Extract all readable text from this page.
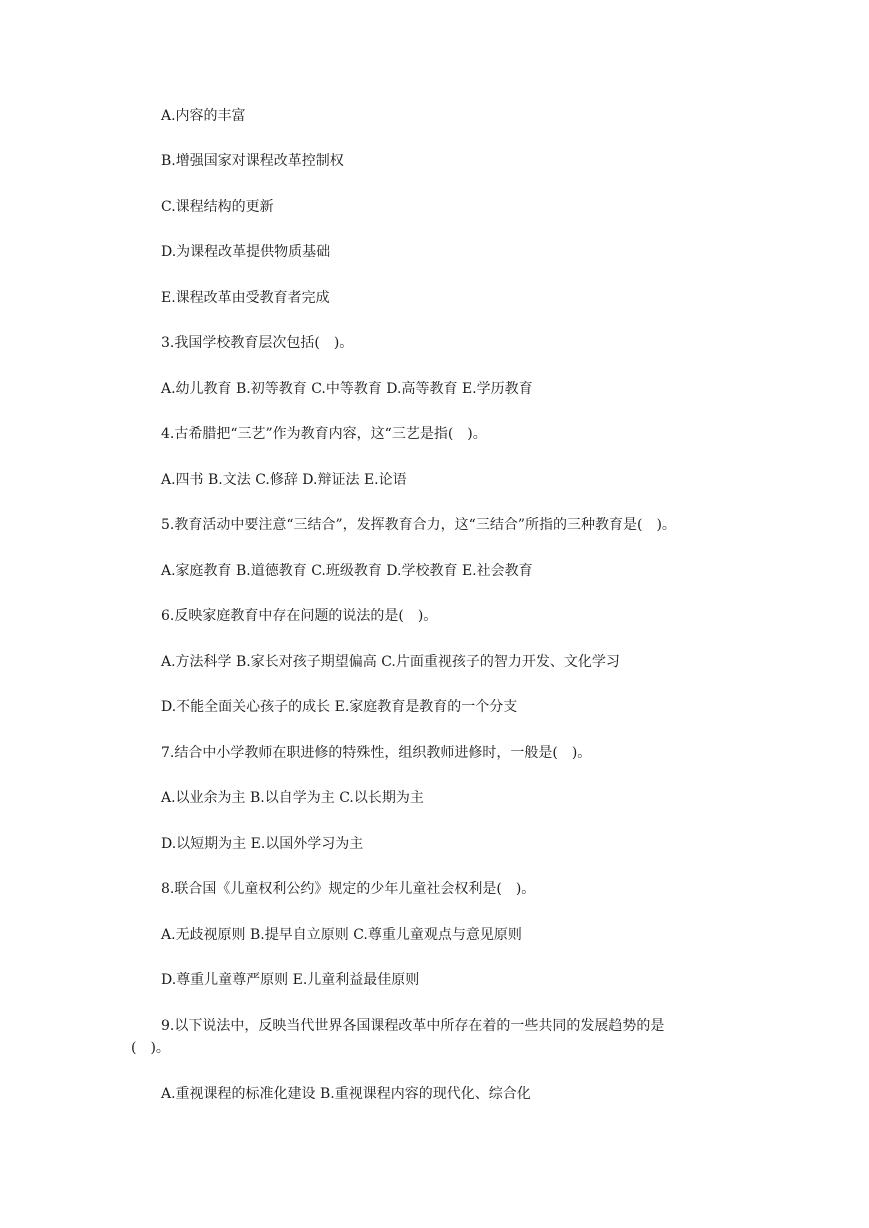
A.内容的丰富
B.增强国家对课程改革控制权
C.课程结构的更新
D.为课程改革提供物质基础
E.课程改革由受教育者完成
3.我国学校教育层次包括(　)。
A.幼儿教育 B.初等教育 C.中等教育 D.高等教育 E.学历教育
4.古希腊把“三艺”作为教育内容，这“三艺是指(　)。
A.四书 B.文法 C.修辞 D.辩证法 E.论语
5.教育活动中要注意“三结合”，发挥教育合力，这“三结合”所指的三种教育是(　)。
A.家庭教育 B.道德教育 C.班级教育 D.学校教育 E.社会教育
6.反映家庭教育中存在问题的说法的是(　)。
A.方法科学 B.家长对孩子期望偏高 C.片面重视孩子的智力开发、文化学习
D.不能全面关心孩子的成长 E.家庭教育是教育的一个分支
7.结合中小学教师在职进修的特殊性，组织教师进修时，一般是(　)。
A.以业余为主 B.以自学为主 C.以长期为主
D.以短期为主 E.以国外学习为主
8.联合国《儿童权利公约》规定的少年儿童社会权利是(　)。
A.无歧视原则 B.提早自立原则 C.尊重儿童观点与意见原则
D.尊重儿童尊严原则 E.儿童利益最佳原则
9.以下说法中，反映当代世界各国课程改革中所存在着的一些共同的发展趋势的是
(　)。
A.重视课程的标准化建设 B.重视课程内容的现代化、综合化
